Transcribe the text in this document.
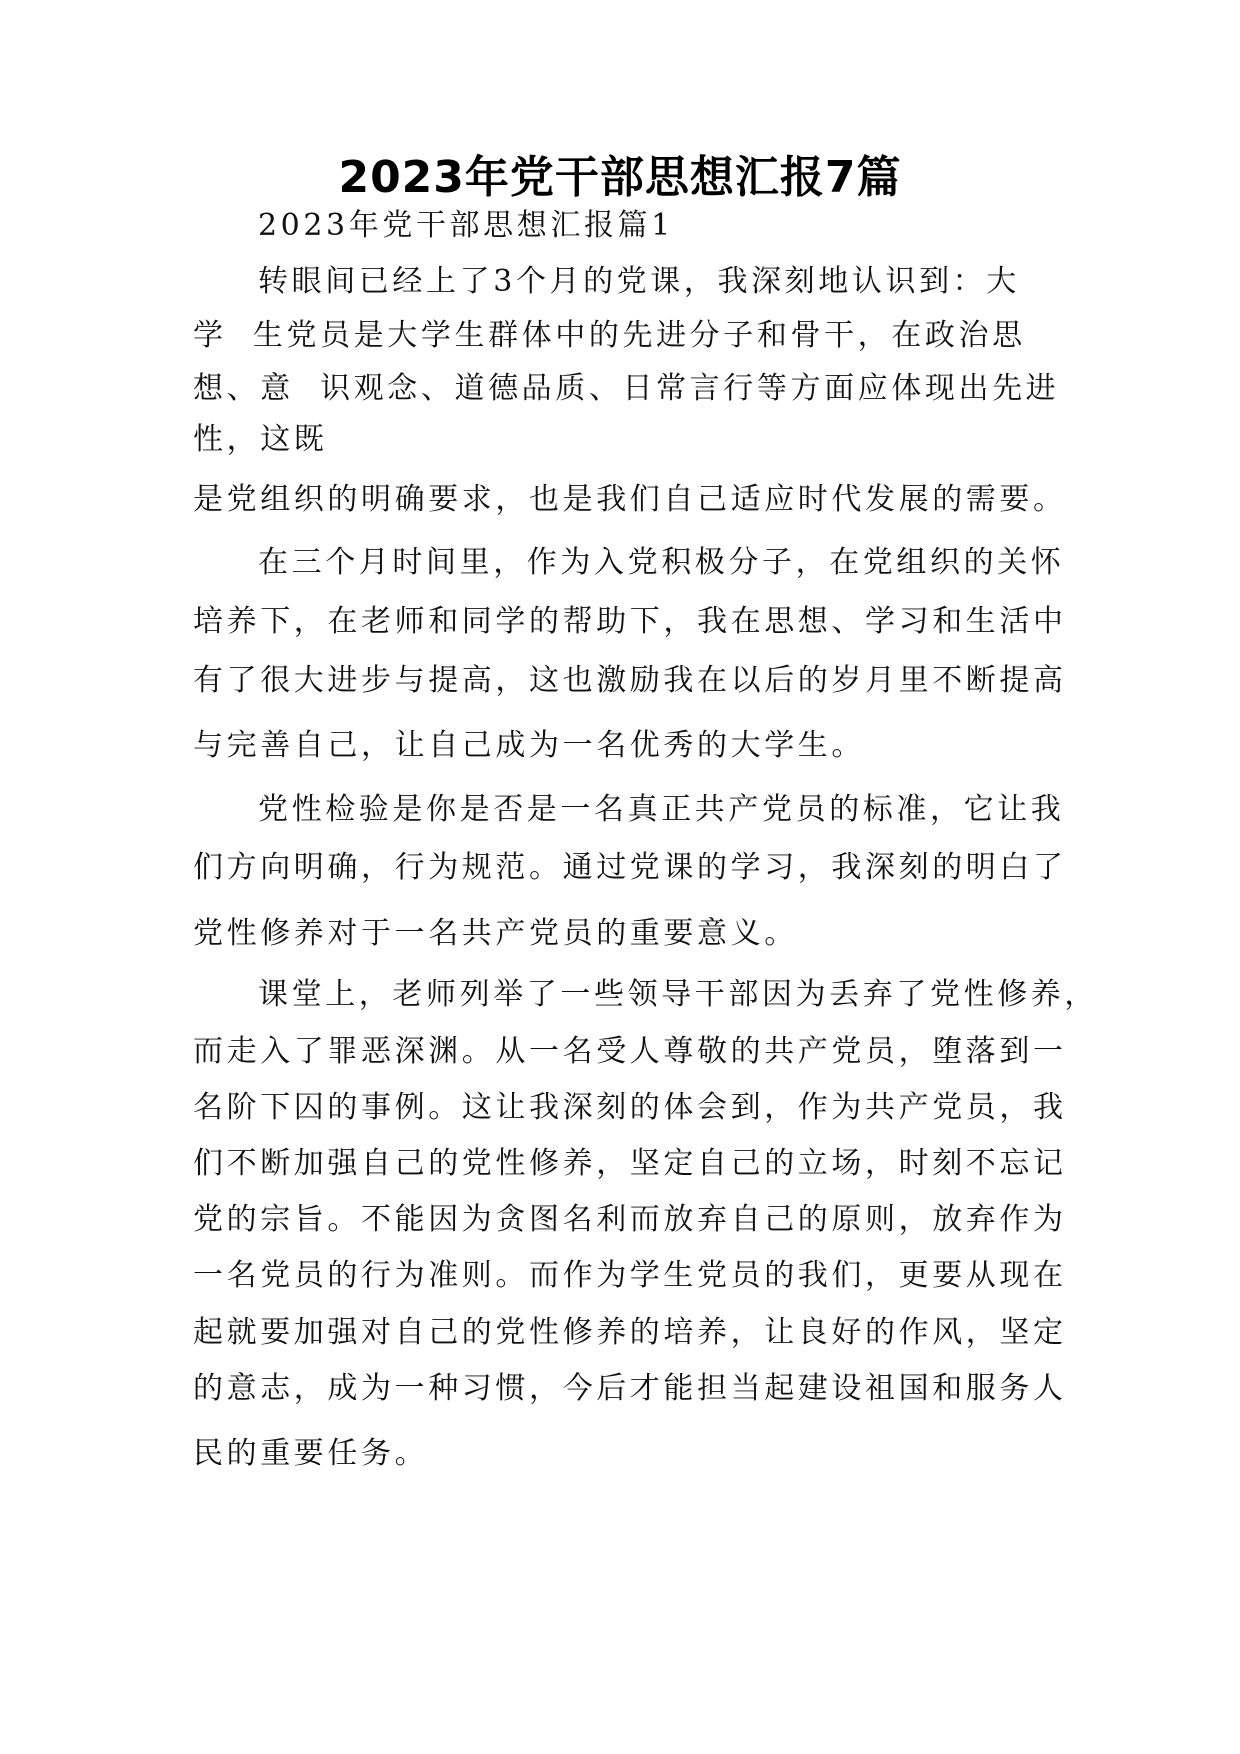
2023年党干部思想汇报7篇

2023年党干部思想汇报篇1

转眼间已经上了3个月的党课，我深刻地认识到：大

学  生党员是大学生群体中的先进分子和骨干，在政治思

想、意  识观念、道德品质、日常言行等方面应体现出先进

性，这既

是党组织的明确要求，也是我们自己适应时代发展的需要。

在三个月时间里，作为入党积极分子，在党组织的关怀

培养下，在老师和同学的帮助下，我在思想、学习和生活中

有了很大进步与提高，这也激励我在以后的岁月里不断提高

与完善自己，让自己成为一名优秀的大学生。

党性检验是你是否是一名真正共产党员的标准，它让我

们方向明确，行为规范。通过党课的学习，我深刻的明白了

党性修养对于一名共产党员的重要意义。

课堂上，老师列举了一些领导干部因为丢弃了党性修养，

而走入了罪恶深渊。从一名受人尊敬的共产党员，堕落到一

名阶下囚的事例。这让我深刻的体会到，作为共产党员，我

们不断加强自己的党性修养，坚定自己的立场，时刻不忘记

党的宗旨。不能因为贪图名利而放弃自己的原则，放弃作为

一名党员的行为准则。而作为学生党员的我们，更要从现在

起就要加强对自己的党性修养的培养，让良好的作风，坚定

的意志，成为一种习惯，今后才能担当起建设祖国和服务人

民的重要任务。
